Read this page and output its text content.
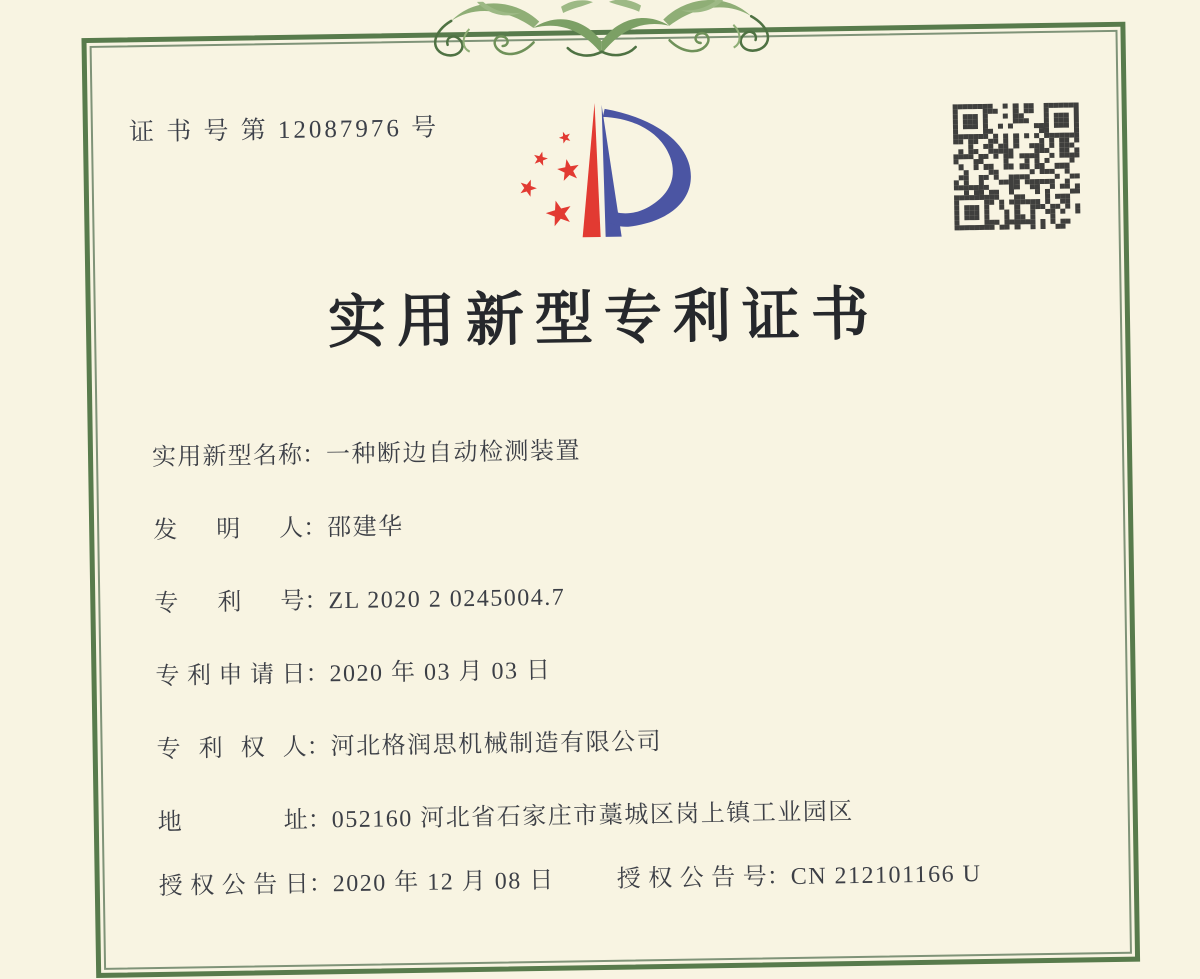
证 书 号 第 12087976 号
实用新型专利证书
实用新型名称：一种断边自动检测装置
发明人：邵建华
专利号：ZL 2020 2 0245004.7
专利申请日：2020 年 03 月 03 日
专利权人：河北格润思机械制造有限公司
地址：052160 河北省石家庄市藁城区岗上镇工业园区
授权公告日：2020 年 12 月 08 日	授权公告号：CN 212101166 U
